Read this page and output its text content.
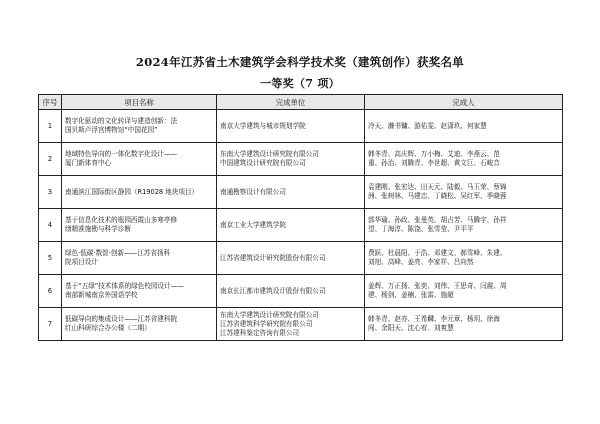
2024年江苏省土木建筑学会科学技术奖（建筑创作）获奖名单
一等奖（7 项）
序号	项目名称	完成单位	完成人
1	数字化驱动的文化转译与建造创新：法
国贝斯卢浮宫博物馆“中国花园”	南京大学建筑与城市规划学院	冷天、濑书镛、游佑雯、赵潇玖、何家慧

2	地域特色导向的一体化数字化设计——
厦门新体育中心	东南大学建筑设计研究院有限公司
中国建筑设计研究院有限公司	韩冬青、高庆辉、万小梅、艾迪、李燕云、范
重、孙治、刘腾青、李世超、黄文巨、石峻音

3	南通滨江国际街区静园（R19028 地块项目）	南通勘察设计有限公司	袁建刚、张宏达、田天元、陆毅、马玉荣、蔡锦
洲、张树林、马建忠、丁晓松、吴红军、季晓蓉

4	基于信息化技术的瓶园西霞山多寒亭修
缮精准施勘与科学诊断	南京工业大学建筑学院	郭华瑜、孙政、张曼英、胡占芳、马腾宇、孙祥
望、丁海淳、陈饶、张雪莹、尹平平

5	绿色·低碳·数智·创新——江苏省扬科
院项目设计	江苏省建筑设计研究院股份有限公司	费跃、杜晨阳、于浩、邓建文、郝雪峰、朱建、
刘旭、高峰、姜亮、李家祥、吕向然

6	基于“五绿”技术体系的绿色校园设计——
南部新城南京外国语学校	南京长江都市建筑设计股份有限公司	姜辉、万正扬、张奕、刘伟、王思奇、闫震、周
建、杨剑、姜楠、张雷、施超

7	低碳导向的集成设计——江苏省建科院
红山科研综合办公楼（二期）	东南大学建筑设计研究院有限公司
江苏省建筑科学研究院有限公司
江苏建科鉴定咨询有限公司	韩冬青、赵亦、王希麟、李元章、杨玥、徐海
闯、余阳天、沈心宥、刘爽慧
